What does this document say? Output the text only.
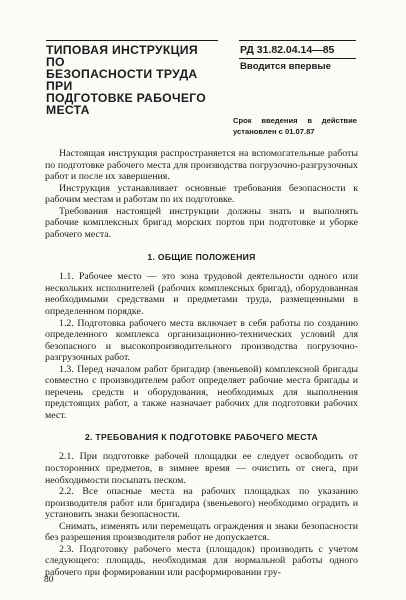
ТИПОВАЯ ИНСТРУКЦИЯ ПО
БЕЗОПАСНОСТИ ТРУДА ПРИ
ПОДГОТОВКЕ РАБОЧЕГО
МЕСТА
РД 31.82.04.14—85
Вводится впервые
Срок введения в действие установлен с 01.07.87

Настоящая инструкция распространяется на вспомогательные работы по подготовке рабочего места для производства погрузочно-разгрузочных работ и после их завершения.

Инструкция устанавливает основные требования безопасности к рабочим местам и работам по их подготовке.

Требования настоящей инструкции должны знать и выполнять рабочие комплексных бригад морских портов при подготовке и уборке рабочего места.

1. ОБЩИЕ ПОЛОЖЕНИЯ

1.1. Рабочее место — это зона трудовой деятельности одного или нескольких исполнителей (рабочих комплексных бригад), оборудованная необходимыми средствами и предметами труда, размещенными в определенном порядке.

1.2. Подготовка рабочего места включает в себя работы по созданию определенного комплекса организационно-технических условий для безопасного и высокопроизводительного производства погрузочно-разгрузочных работ.

1.3. Перед началом работ бригадир (звеньевой) комплексной бригады совместно с производителем работ определяет рабочие места бригады и перечень средств и оборудования, необходимых для выполнения предстоящих работ, а также назначает рабочих для подготовки рабочих мест.

2. ТРЕБОВАНИЯ К ПОДГОТОВКЕ РАБОЧЕГО МЕСТА

2.1. При подготовке рабочей площадки ее следует освободить от посторонних предметов, в зимнее время — очистить от снега, при необходимости посыпать песком.

2.2. Все опасные места на рабочих площадках по указанию производителя работ или бригадира (звеньевого) необходимо оградить и установить знаки безопасности.

Снимать, изменять или перемещать ограждения и знаки безопасности без разрешения производителя работ не допускается.

2.3. Подготовку рабочего места (площадок) производить с учетом следующего: площадь, необходимая для нормальной работы одного рабочего при формировании или расформировании гру-

80
